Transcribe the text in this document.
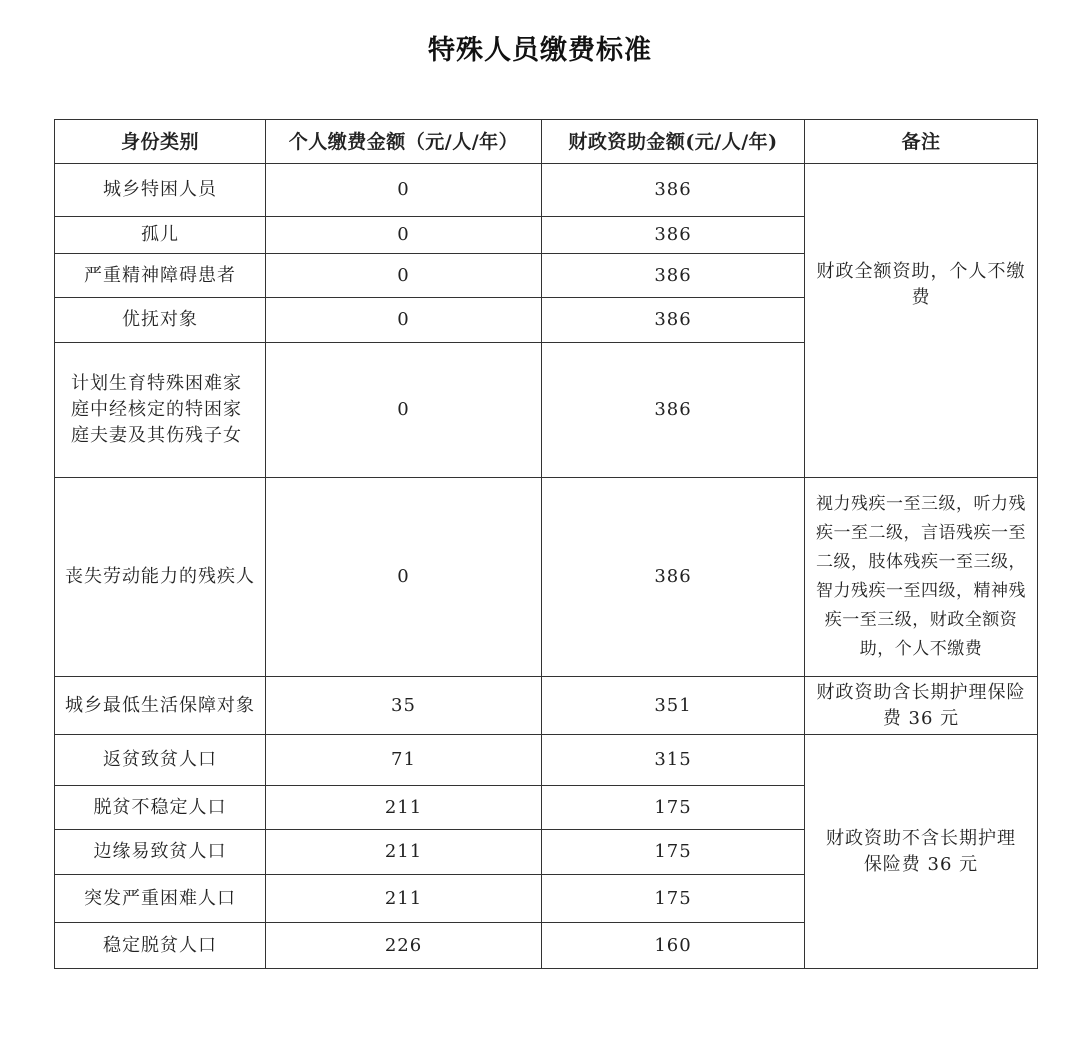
特殊人员缴费标准
身份类别	个人缴费金额（元/人/年）	财政资助金额(元/人/年)	备注
城乡特困人员	0	386	财政全额资助，个人不缴费
孤儿	0	386	
严重精神障碍患者	0	386	
优抚对象	0	386	
计划生育特殊困难家庭中经核定的特困家庭夫妻及其伤残子女	0	386	
丧失劳动能力的残疾人	0	386	视力残疾一至三级，听力残疾一至二级，言语残疾一至二级，肢体残疾一至三级，智力残疾一至四级，精神残疾一至三级，财政全额资助，个人不缴费
城乡最低生活保障对象	35	351	财政资助含长期护理保险费 36 元
返贫致贫人口	71	315	财政资助不含长期护理保险费 36 元
脱贫不稳定人口	211	175	
边缘易致贫人口	211	175	
突发严重困难人口	211	175	
稳定脱贫人口	226	160	
